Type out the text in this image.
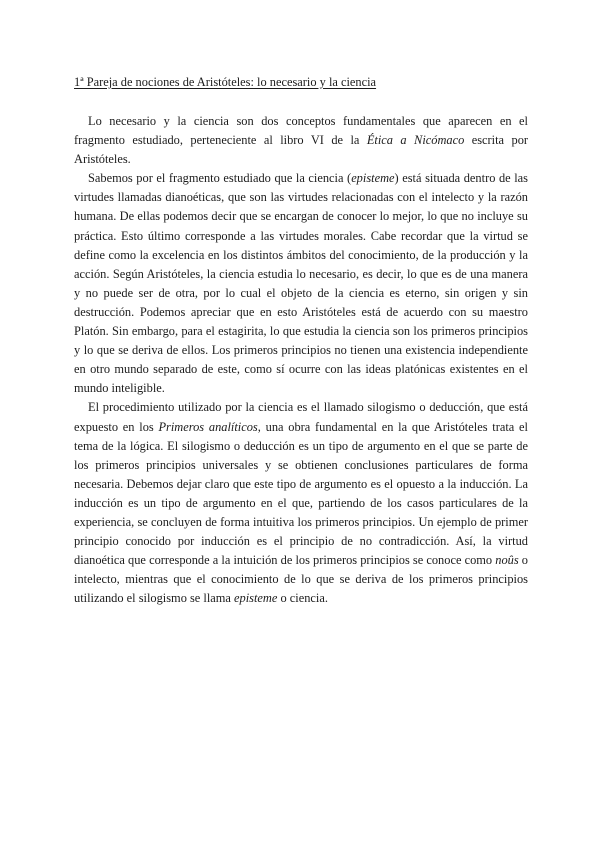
1ª Pareja de nociones de Aristóteles: lo necesario y la ciencia

Lo necesario y la ciencia son dos conceptos fundamentales que aparecen en el fragmento estudiado, perteneciente al libro VI de la Ética a Nicómaco escrita por Aristóteles.

Sabemos por el fragmento estudiado que la ciencia (episteme) está situada dentro de las virtudes llamadas dianoéticas, que son las virtudes relacionadas con el intelecto y la razón humana. De ellas podemos decir que se encargan de conocer lo mejor, lo que no incluye su práctica. Esto último corresponde a las virtudes morales. Cabe recordar que la virtud se define como la excelencia en los distintos ámbitos del conocimiento, de la producción y la acción. Según Aristóteles, la ciencia estudia lo necesario, es decir, lo que es de una manera y no puede ser de otra, por lo cual el objeto de la ciencia es eterno, sin origen y sin destrucción. Podemos apreciar que en esto Aristóteles está de acuerdo con su maestro Platón. Sin embargo, para el estagirita, lo que estudia la ciencia son los primeros principios y lo que se deriva de ellos. Los primeros principios no tienen una existencia independiente en otro mundo separado de este, como sí ocurre con las ideas platónicas existentes en el mundo inteligible.

El procedimiento utilizado por la ciencia es el llamado silogismo o deducción, que está expuesto en los Primeros analíticos, una obra fundamental en la que Aristóteles trata el tema de la lógica. El silogismo o deducción es un tipo de argumento en el que se parte de los primeros principios universales y se obtienen conclusiones particulares de forma necesaria. Debemos dejar claro que este tipo de argumento es el opuesto a la inducción. La inducción es un tipo de argumento en el que, partiendo de los casos particulares de la experiencia, se concluyen de forma intuitiva los primeros principios. Un ejemplo de primer principio conocido por inducción es el principio de no contradicción. Así, la virtud dianoética que corresponde a la intuición de los primeros principios se conoce como noûs o intelecto, mientras que el conocimiento de lo que se deriva de los primeros principios utilizando el silogismo se llama episteme o ciencia.
